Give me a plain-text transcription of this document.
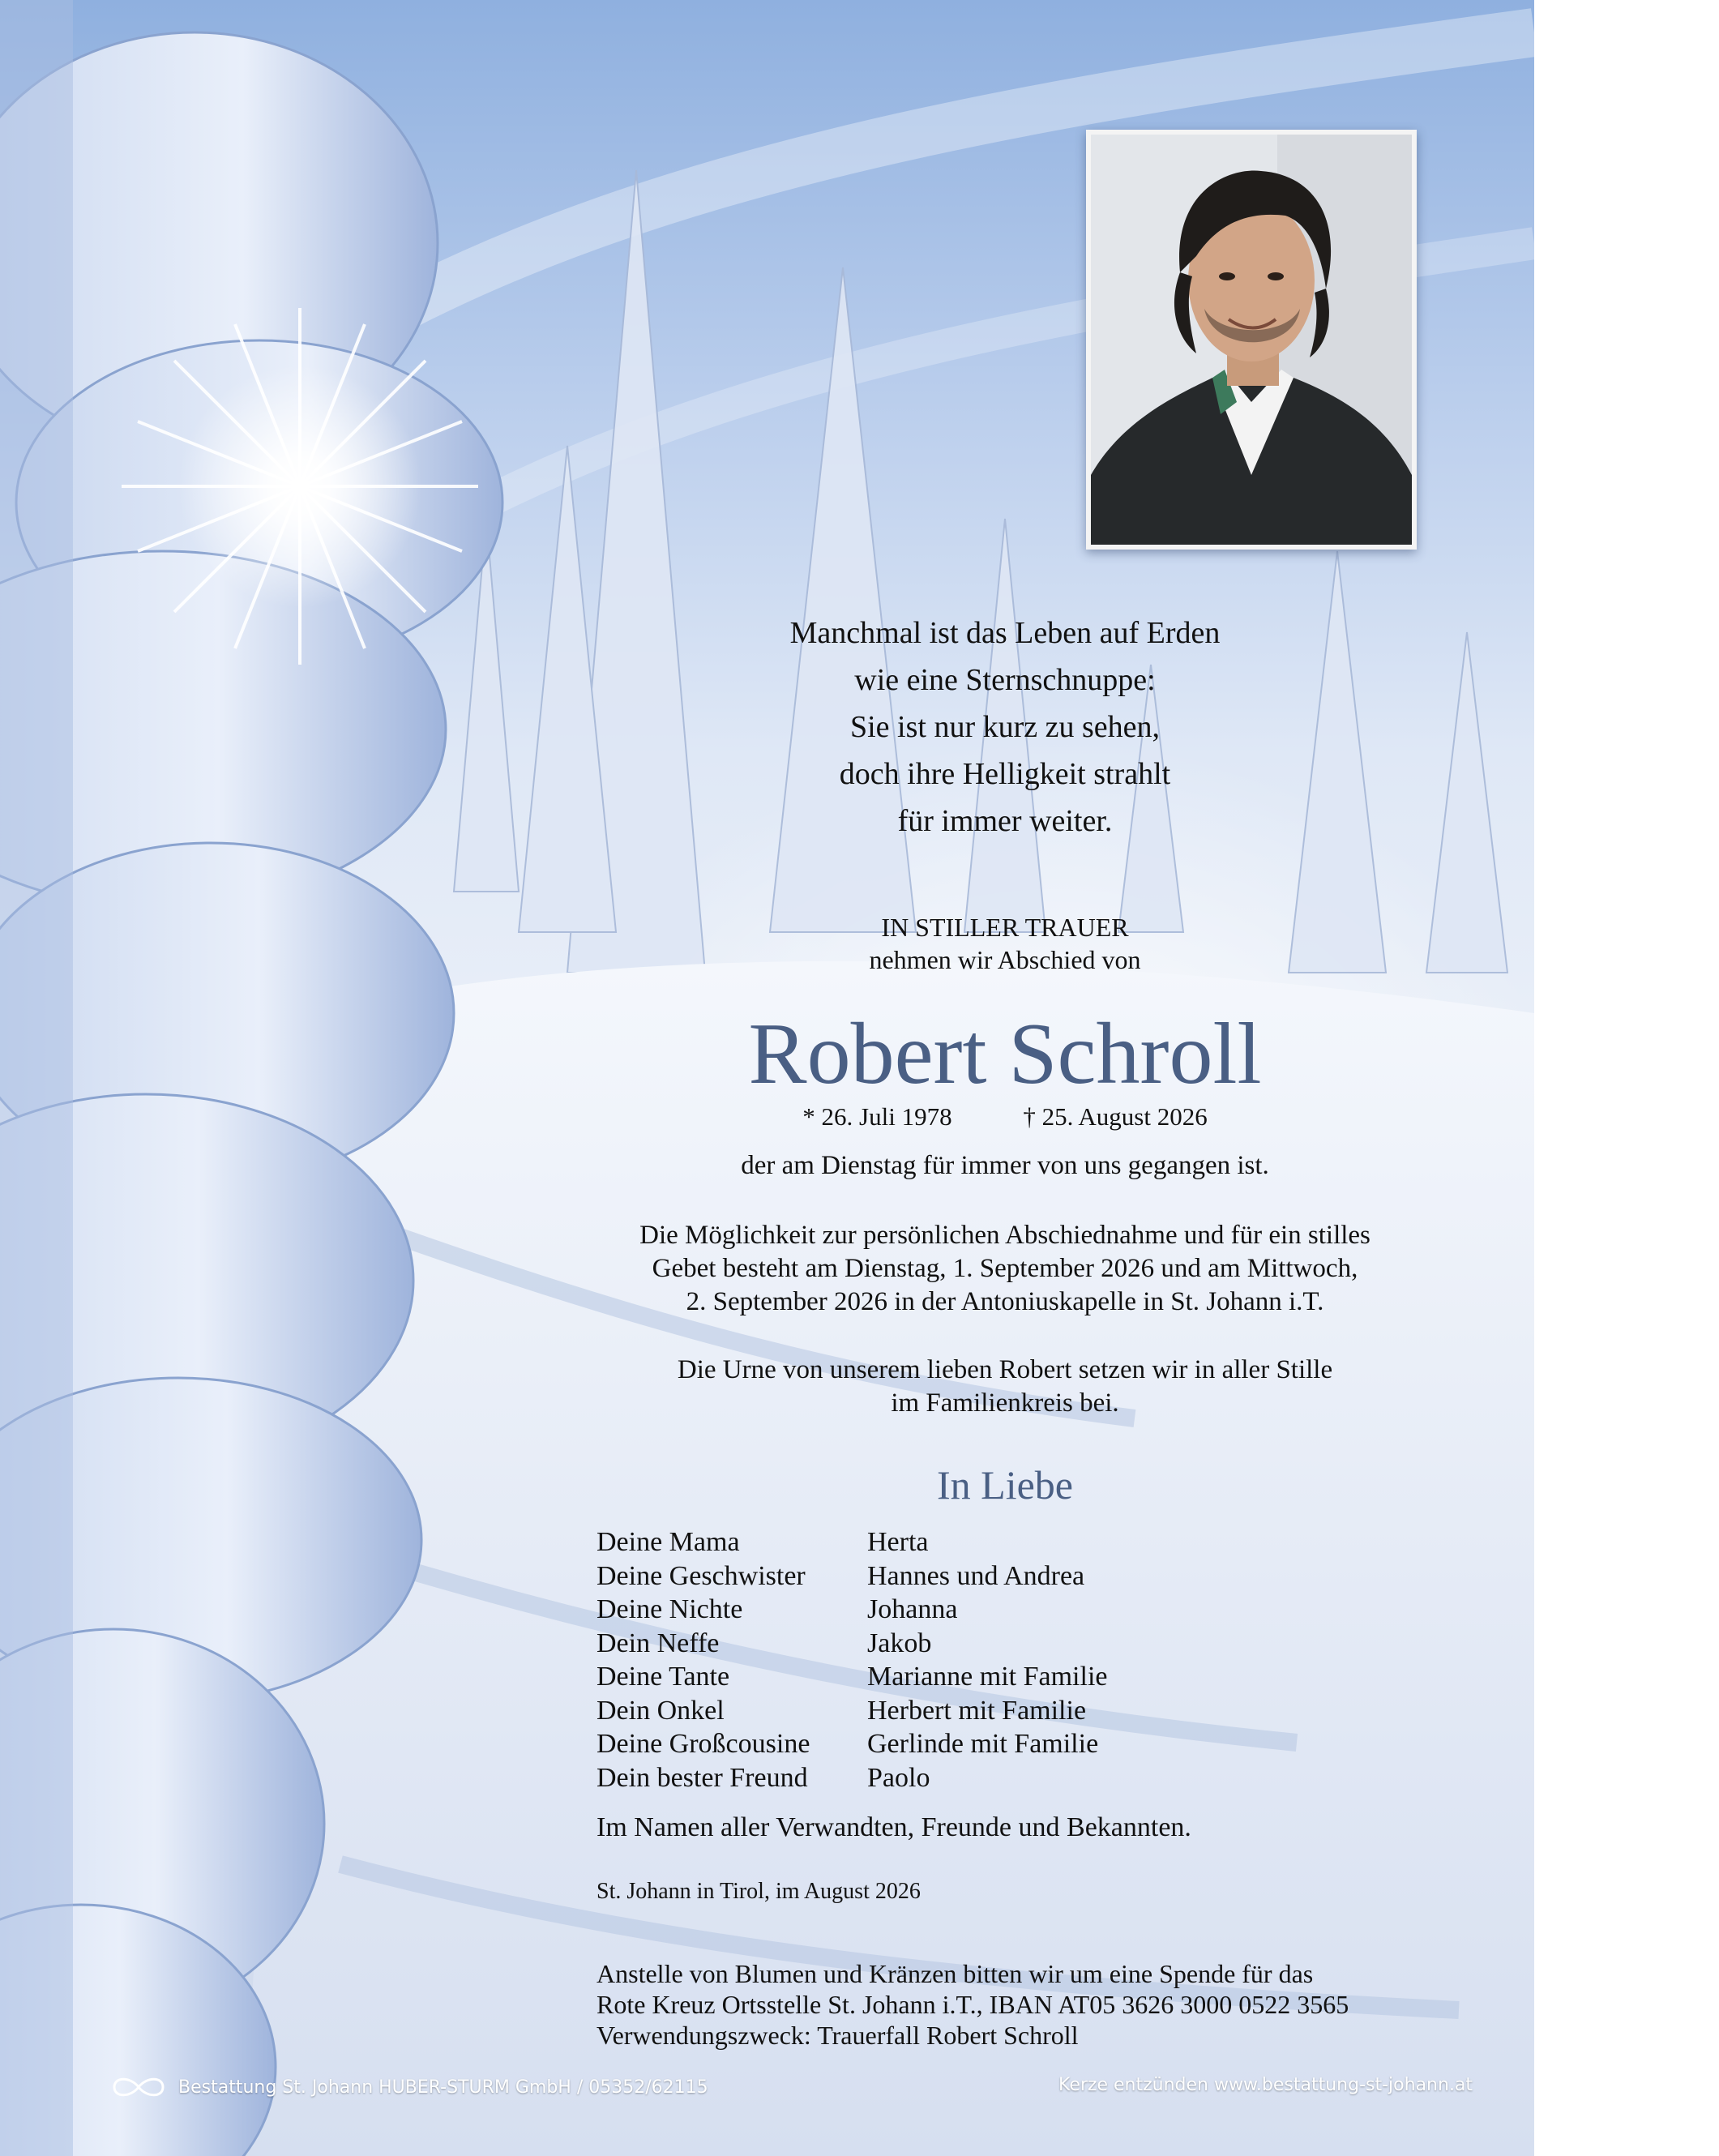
Manchmal ist das Leben auf Erden
wie eine Sternschnuppe:
Sie ist nur kurz zu sehen,
doch ihre Helligkeit strahlt
für immer weiter.
IN STILLER TRAUER
nehmen wir Abschied von
Robert Schroll
* 26. Juli 1978	† 25. August 2026
der am Dienstag für immer von uns gegangen ist.
Die Möglichkeit zur persönlichen Abschiednahme und für ein stilles
Gebet besteht am Dienstag, 1. September 2026 und am Mittwoch,
2. September 2026 in der Antoniuskapelle in St. Johann i.T.
Die Urne von unserem lieben Robert setzen wir in aller Stille
im Familienkreis bei.
In Liebe
Deine Mama	Herta
Deine Geschwister	Hannes und Andrea
Deine Nichte	Johanna
Dein Neffe	Jakob
Deine Tante	Marianne mit Familie
Dein Onkel	Herbert mit Familie
Deine Großcousine	Gerlinde mit Familie
Dein bester Freund	Paolo
Im Namen aller Verwandten, Freunde und Bekannten.
St. Johann in Tirol, im August 2026
Anstelle von Blumen und Kränzen bitten wir um eine Spende für das
Rote Kreuz Ortsstelle St. Johann i.T., IBAN AT05 3626 3000 0522 3565
Verwendungszweck: Trauerfall Robert Schroll
Bestattung St. Johann HUBER-STURM GmbH / 05352/62115	Kerze entzünden www.bestattung-st-johann.at
